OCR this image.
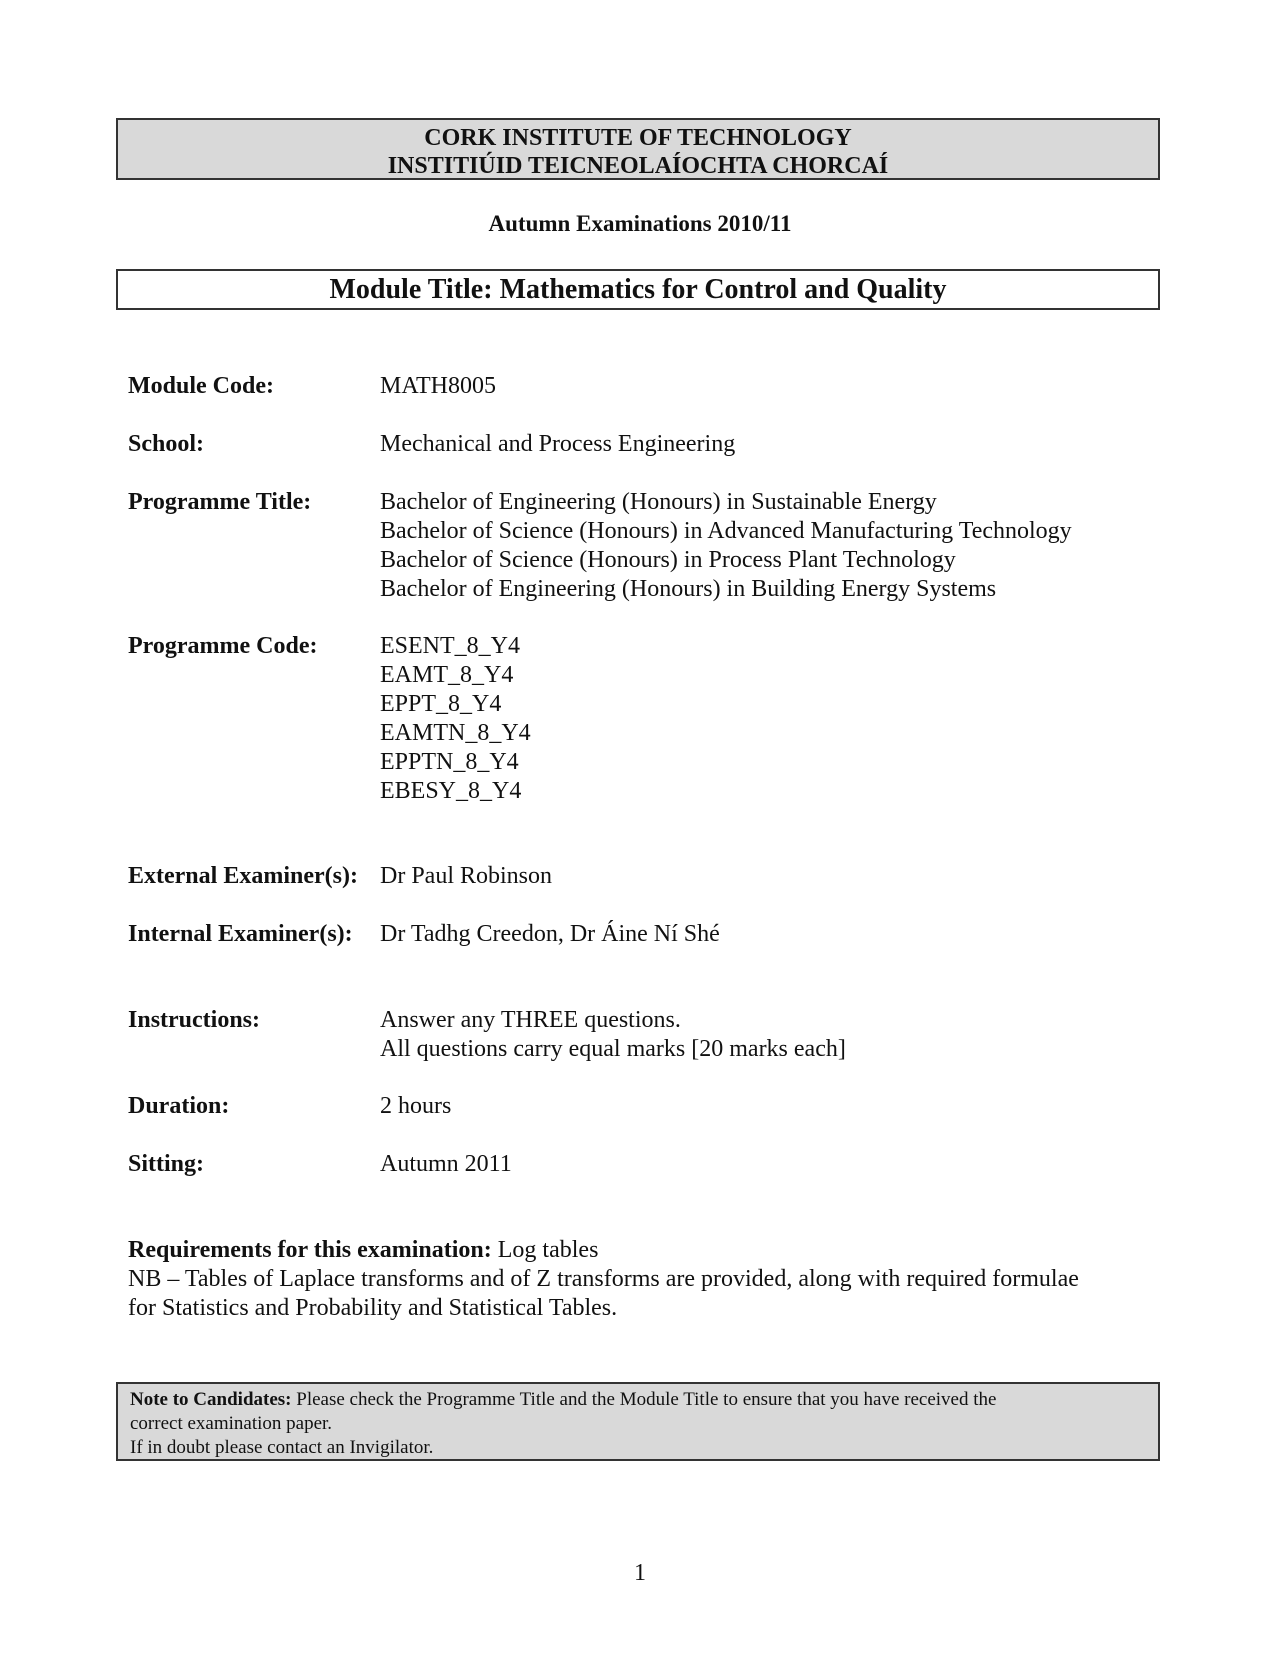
CORK INSTITUTE OF TECHNOLOGY
INSTITIÚID TEICNEOLAÍOCHTA CHORCAÍ
Autumn Examinations 2010/11
Module Title: Mathematics for Control and Quality
Module Code:	MATH8005
School:	Mechanical and Process Engineering
Programme Title:	Bachelor of Engineering (Honours) in Sustainable Energy
Bachelor of Science (Honours) in Advanced Manufacturing Technology
Bachelor of Science (Honours) in Process Plant Technology
Bachelor of Engineering (Honours) in Building Energy Systems
Programme Code:	ESENT_8_Y4
EAMT_8_Y4
EPPT_8_Y4
EAMTN_8_Y4
EPPTN_8_Y4
EBESY_8_Y4
External Examiner(s): Dr Paul Robinson
Internal Examiner(s): Dr Tadhg Creedon, Dr Áine Ní Shé
Instructions:	Answer any THREE questions.
All questions carry equal marks [20 marks each]
Duration:	2 hours
Sitting:	Autumn 2011
Requirements for this examination: Log tables
NB – Tables of Laplace transforms and of Z transforms are provided, along with required formulae
for Statistics and Probability and Statistical Tables.
Note to Candidates: Please check the Programme Title and the Module Title to ensure that you have received the
correct examination paper.
If in doubt please contact an Invigilator.
1
